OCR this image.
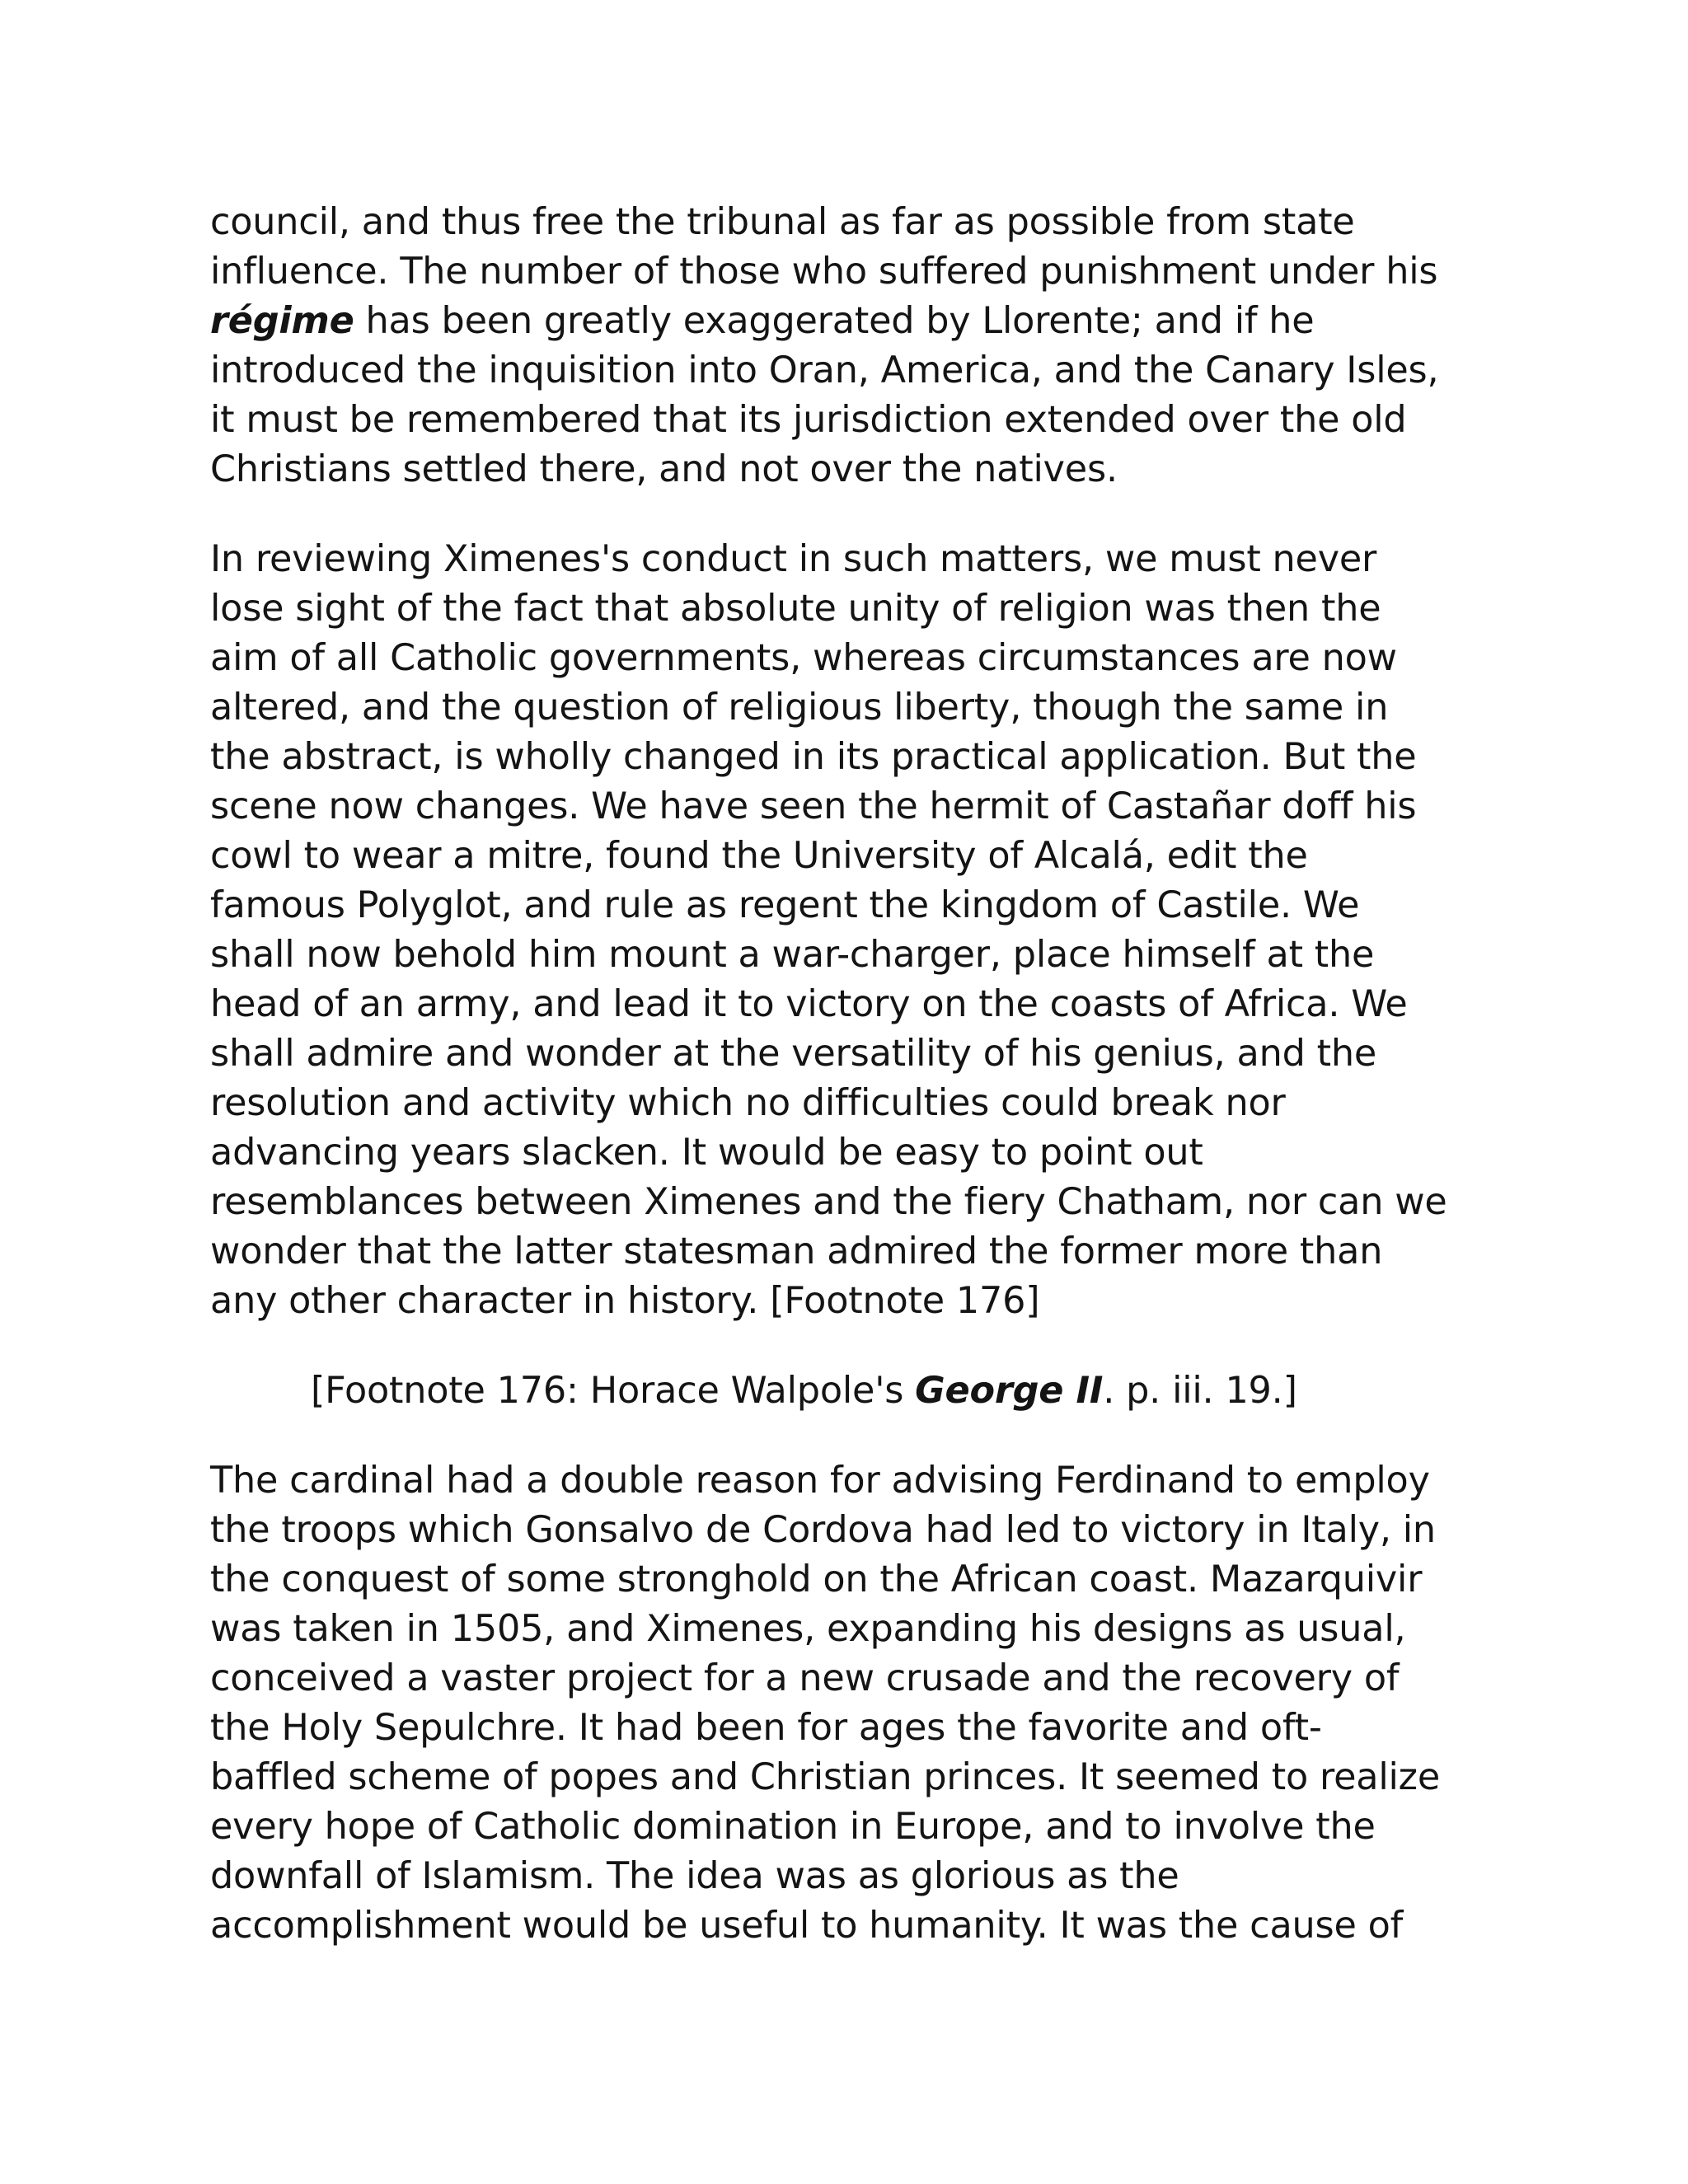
council, and thus free the tribunal as far as possible from state
influence. The number of those who suffered punishment under his
régime has been greatly exaggerated by Llorente; and if he
introduced the inquisition into Oran, America, and the Canary Isles,
it must be remembered that its jurisdiction extended over the old
Christians settled there, and not over the natives.
In reviewing Ximenes's conduct in such matters, we must never
lose sight of the fact that absolute unity of religion was then the
aim of all Catholic governments, whereas circumstances are now
altered, and the question of religious liberty, though the same in
the abstract, is wholly changed in its practical application. But the
scene now changes. We have seen the hermit of Castañar doff his
cowl to wear a mitre, found the University of Alcalá, edit the
famous Polyglot, and rule as regent the kingdom of Castile. We
shall now behold him mount a war-charger, place himself at the
head of an army, and lead it to victory on the coasts of Africa. We
shall admire and wonder at the versatility of his genius, and the
resolution and activity which no difficulties could break nor
advancing years slacken. It would be easy to point out
resemblances between Ximenes and the fiery Chatham, nor can we
wonder that the latter statesman admired the former more than
any other character in history. [Footnote 176]
[Footnote 176: Horace Walpole's George II. p. iii. 19.]
The cardinal had a double reason for advising Ferdinand to employ
the troops which Gonsalvo de Cordova had led to victory in Italy, in
the conquest of some stronghold on the African coast. Mazarquivir
was taken in 1505, and Ximenes, expanding his designs as usual,
conceived a vaster project for a new crusade and the recovery of
the Holy Sepulchre. It had been for ages the favorite and oft-
baffled scheme of popes and Christian princes. It seemed to realize
every hope of Catholic domination in Europe, and to involve the
downfall of Islamism. The idea was as glorious as the
accomplishment would be useful to humanity. It was the cause of
